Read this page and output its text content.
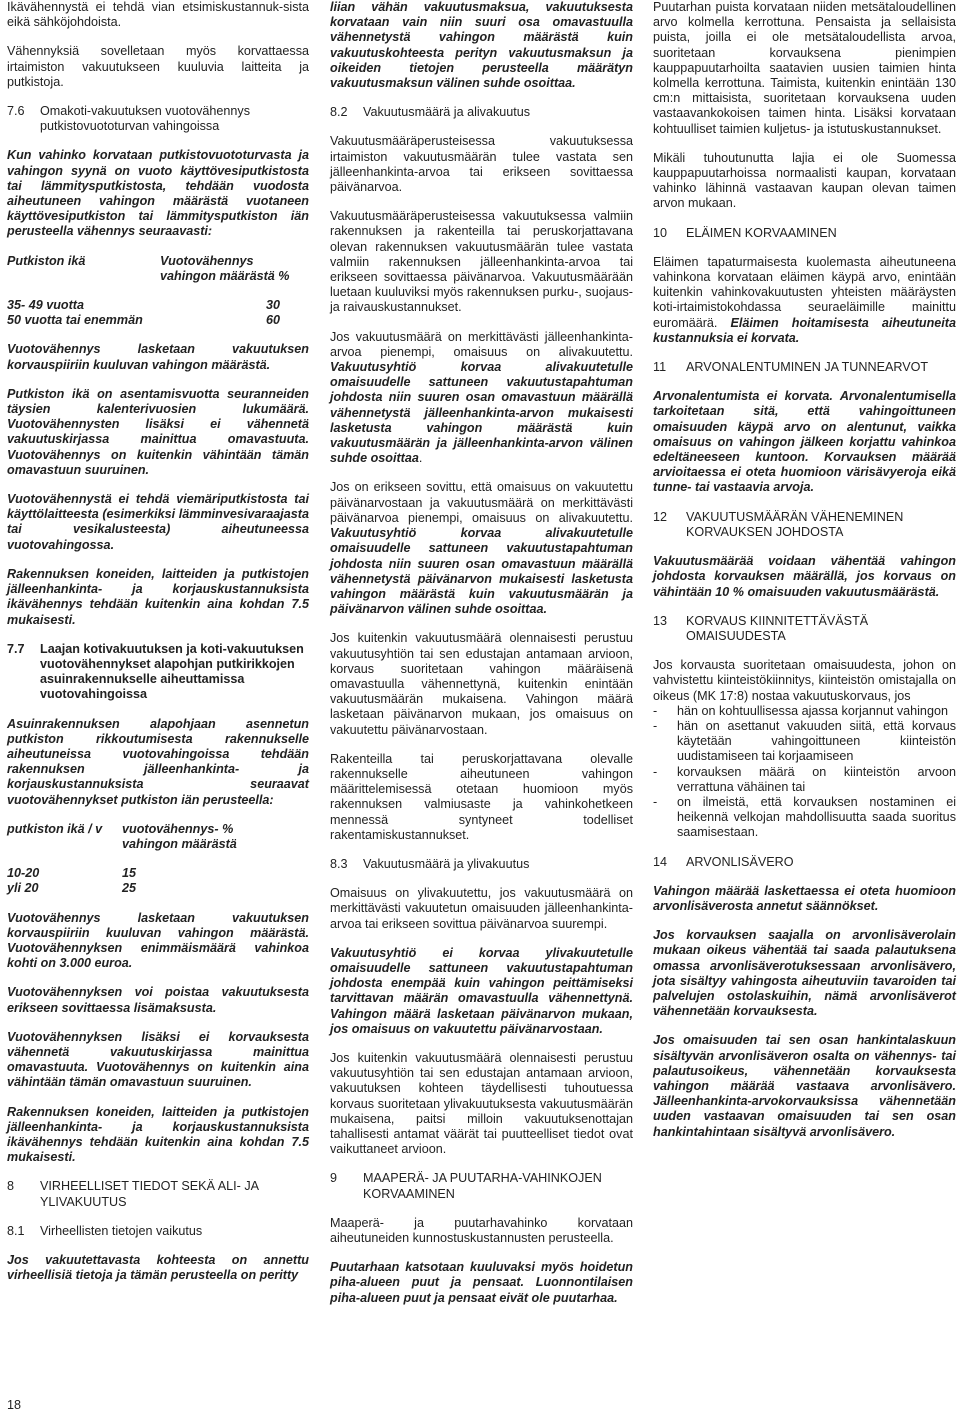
Ikävähennystä ei tehdä vian etsimiskustannuk-sista eikä sähköjohdoista.

Vähennyksiä sovelletaan myös korvattaessa irtaimiston vakuutukseen kuuluvia laitteita ja putkistoja.

7.6	Omakoti-vakuutuksen vuotovähennys putkistovuototurvan vahingoissa

Kun vahinko korvataan putkistovuototurvasta ja vahingon syynä on vuoto käyttövesiputkistosta tai lämmitysputkistosta, tehdään vuodosta aiheutuneen vahingon määrästä vuotaneen käyttövesiputkiston tai lämmitysputkiston iän perusteella vähennys seuraavasti:

Putkiston ikä	Vuotovähennys vahingon määrästä %
35- 49 vuotta	30
50 vuotta tai enemmän	60

Vuotovähennys lasketaan vakuutuksen korvauspiiriin kuuluvan vahingon määrästä.

Putkiston ikä on asentamisvuotta seuranneiden täysien kalenterivuosien lukumäärä. Vuotovähennysten lisäksi ei vähennetä vakuutuskirjassa mainittua omavastuuta. Vuotovähennys on kuitenkin vähintään tämän omavastuun suuruinen.

Vuotovähennystä ei tehdä viemäriputkistosta tai käyttölaitteesta (esimerkiksi lämminvesivaraajasta tai vesikalusteesta) aiheutuneessa vuotovahingossa.

Rakennuksen koneiden, laitteiden ja putkistojen jälleenhankinta- ja korjauskustannuksista ikävähennys tehdään kuitenkin aina kohdan 7.5 mukaisesti.

7.7	Laajan kotivakuutuksen ja koti-vakuutuksen vuotovähennykset alapohjan putkirikkojen asuinrakennukselle aiheuttamissa vuotovahingoissa

Asuinrakennuksen alapohjaan asennetun putkiston rikkoutumisesta rakennukselle aiheutuneissa vuotovahingoissa tehdään rakennuksen jälleenhankinta- ja korjauskustannuksista seuraavat vuotovähennykset putkiston iän perusteella:

putkiston ikä / v	vuotovähennys- % vahingon määrästä
10-20	15
yli 20	25

Vuotovähennys lasketaan vakuutuksen korvauspiiriin kuuluvan vahingon määrästä. Vuotovähennyksen enimmäismäärä vahinkoa kohti on 3.000 euroa.

Vuotovähennyksen voi poistaa vakuutuksesta erikseen sovittaessa lisämaksusta.

Vuotovähennyksen lisäksi ei korvauksesta vähennetä vakuutuskirjassa mainittua omavastuuta. Vuotovähennys on kuitenkin aina vähintään tämän omavastuun suuruinen.

Rakennuksen koneiden, laitteiden ja putkistojen jälleenhankinta- ja korjauskustannuksista ikävähennys tehdään kuitenkin aina kohdan 7.5 mukaisesti.

8	VIRHEELLISET TIEDOT SEKÄ ALI- JA YLIVAKUUTUS
8.1	Virheellisten tietojen vaikutus

Jos vakuutettavasta kohteesta on annettu virheellisiä tietoja ja tämän perusteella on peritty

liian vähän vakuutusmaksua, vakuutuksesta korvataan vain niin suuri osa omavastuulla vähennetystä vahingon määrästä kuin vakuutuskohteesta perityn vakuutusmaksun ja oikeiden tietojen perusteella määrätyn vakuutusmaksun välinen suhde osoittaa.

8.2	Vakuutusmäärä ja alivakuutus

Vakuutusmääräperusteisessa vakuutuksessa irtaimiston vakuutusmäärän tulee vastata sen jälleenhankinta-arvoa tai erikseen sovittaessa päivänarvoa.

Vakuutusmääräperusteisessa vakuutuksessa valmiin rakennuksen ja rakenteilla tai peruskorjattavana olevan rakennuksen vakuutusmäärän tulee vastata valmiin rakennuksen jälleenhankinta-arvoa tai erikseen sovittaessa päivänarvoa. Vakuutusmäärään luetaan kuuluviksi myös rakennuksen purku-, suojaus- ja raivauskustannukset.

Jos vakuutusmäärä on merkittävästi jälleenhankinta-arvoa pienempi, omaisuus on alivakuutettu. Vakuutusyhtiö korvaa alivakuutetulle omaisuudelle sattuneen vakuutustapahtuman johdosta niin suuren osan omavastuun määrällä vähennetystä jälleenhankinta-arvon mukaisesti lasketusta vahingon määrästä kuin vakuutusmäärän ja jälleenhankinta-arvon välinen suhde osoittaa.

Jos on erikseen sovittu, että omaisuus on vakuutettu päivänarvostaan ja vakuutusmäärä on merkittävästi päivänarvoa pienempi, omaisuus on alivakuutettu. Vakuutusyhtiö korvaa alivakuutetulle omaisuudelle sattuneen vakuutustapahtuman johdosta niin suuren osan omavastuun määrällä vähennetystä päivänarvon mukaisesti lasketusta vahingon määrästä kuin vakuutusmäärän ja päivänarvon välinen suhde osoittaa.

Jos kuitenkin vakuutusmäärä olennaisesti perustuu vakuutusyhtiön tai sen edustajan antamaan arvioon, korvaus suoritetaan vahingon määräisenä omavastuulla vähennettynä, kuitenkin enintään vakuutusmäärän mukaisena. Vahingon määrä lasketaan päivänarvon mukaan, jos omaisuus on vakuutettu päivänarvostaan.

Rakenteilla tai peruskorjattavana olevalle rakennukselle aiheutuneen vahingon määrittelemisessä otetaan huomioon myös rakennuksen valmiusaste ja vahinkohetkeen mennessä syntyneet todelliset rakentamiskustannukset.

8.3	Vakuutusmäärä ja ylivakuutus

Omaisuus on ylivakuutettu, jos vakuutusmäärä on merkittävästi vakuutetun omaisuuden jälleenhankinta-arvoa tai erikseen sovittua päivänarvoa suurempi.

Vakuutusyhtiö ei korvaa ylivakuutetulle omaisuudelle sattuneen vakuutustapahtuman johdosta enempää kuin vahingon peittämiseksi tarvittavan määrän omavastuulla vähennettynä. Vahingon määrä lasketaan päivänarvon mukaan, jos omaisuus on vakuutettu päivänarvostaan.

Jos kuitenkin vakuutusmäärä olennaisesti perustuu vakuutusyhtiön tai sen edustajan antamaan arvioon, vakuutuksen kohteen täydellisesti tuhoutuessa korvaus suoritetaan ylivakuutuksesta vakuutusmäärän mukaisena, paitsi milloin vakuutuksenottajan tahallisesti antamat väärät tai puutteelliset tiedot ovat vaikuttaneet arvioon.

9	MAAPERÄ- JA PUUTARHA-VAHINKOJEN KORVAAMINEN

Maaperä- ja puutarhavahinko korvataan aiheutuneiden kunnostuskustannusten perusteella.

Puutarhaan katsotaan kuuluvaksi myös hoidetun piha-alueen puut ja pensaat. Luonnontilaisen piha-alueen puut ja pensaat eivät ole puutarhaa.

Puutarhan puista korvataan niiden metsätaloudellinen arvo kolmella kerrottuna. Pensaista ja sellaisista puista, joilla ei ole metsätaloudellista arvoa, suoritetaan korvauksena pienimpien kauppapuutarhoilta saatavien uusien taimien hinta kolmella kerrottuna. Taimista, kuitenkin enintään 130 cm:n mittaisista, suoritetaan korvauksena uuden vastaavankokoisen taimen hinta. Lisäksi korvataan kohtuulliset taimien kuljetus- ja istutuskustannukset.

Mikäli tuhoutunutta lajia ei ole Suomessa kauppapuutarhoissa normaalisti kaupan, korvataan vahinko lähinnä vastaavan kaupan olevan taimen arvon mukaan.

10	ELÄIMEN KORVAAMINEN

Eläimen tapaturmaisesta kuolemasta aiheutuneena vahinkona korvataan eläimen käypä arvo, enintään kuitenkin vahinkovakuutusten yhteisten määräysten koti-irtaimistokohdassa seuraeläimille mainittu euromäärä. Eläimen hoitamisesta aiheutuneita kustannuksia ei korvata.

11	ARVONALENTUMINEN JA TUNNEARVOT

Arvonalentumista ei korvata. Arvonalentumisella tarkoitetaan sitä, että vahingoittuneen omaisuuden käypä arvo on alentunut, vaikka omaisuus on vahingon jälkeen korjattu vahinkoa edeltäneeseen kuntoon. Korvauksen määrää arvioitaessa ei oteta huomioon värisävyeroja eikä tunne- tai vastaavia arvoja.

12	VAKUUTUSMÄÄRÄN VÄHENEMINEN KORVAUKSEN JOHDOSTA

Vakuutusmäärää voidaan vähentää vahingon johdosta korvauksen määrällä, jos korvaus on vähintään 10 % omaisuuden vakuutusmäärästä.

13	KORVAUS KIINNITETTÄVÄSTÄ OMAISUUDESTA

Jos korvausta suoritetaan omaisuudesta, johon on vahvistettu kiinteistökiinnitys, kiinteistön omistajalla on oikeus (MK 17:8) nostaa vakuutuskorvaus, jos

-	hän on kohtuullisessa ajassa korjannut vahingon
-	hän on asettanut vakuuden siitä, että korvaus käytetään vahingoittuneen kiinteistön uudistamiseen tai korjaamiseen
-	korvauksen määrä on kiinteistön arvoon verrattuna vähäinen tai
-	on ilmeistä, että korvauksen nostaminen ei heikennä velkojan mahdollisuutta saada suoritus saamisestaan.
14	ARVONLISÄVERO

Vahingon määrää laskettaessa ei oteta huomioon arvonlisäverosta annetut säännökset.

Jos korvauksen saajalla on arvonlisäverolain mukaan oikeus vähentää tai saada palautuksena omassa arvonlisäverotuksessaan arvonlisävero, jota sisältyy vahingosta aiheutuviin tavaroiden tai palvelujen ostolaskuihin, nämä arvonlisäverot vähennetään korvauksesta.

Jos omaisuuden tai sen osan hankintalaskuun sisältyvän arvonlisäveron osalta on vähennys- tai palautusoikeus, vähennetään korvauksesta vahingon määrää vastaava arvonlisävero. Jälleenhankinta-arvokorvauksissa vähennetään uuden vastaavan omaisuuden tai sen osan hankintahintaan sisältyvä arvonlisävero.

18
